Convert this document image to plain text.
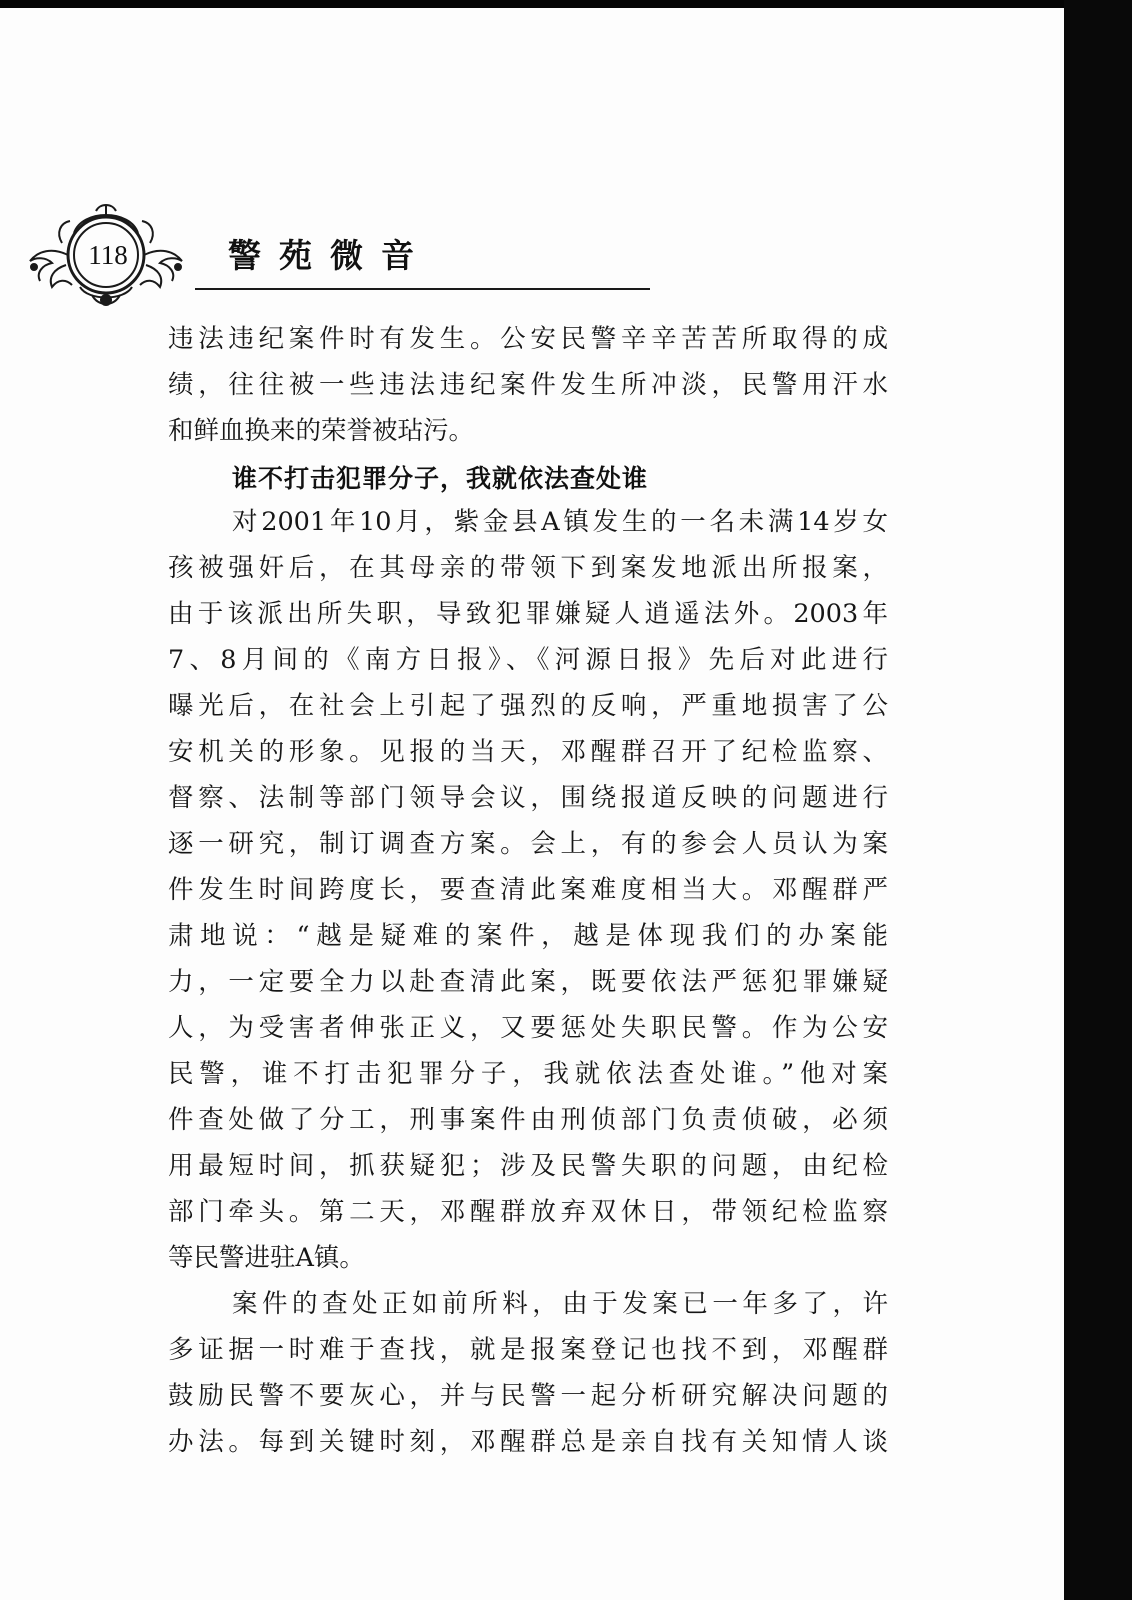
118	警苑微音
违法违纪案件时有发生。公安民警辛辛苦苦所取得的成
绩，往往被一些违法违纪案件发生所冲淡，民警用汗水
和鲜血换来的荣誉被玷污。
谁不打击犯罪分子，我就依法查处谁
对2001年10月，紫金县A镇发生的一名未满14岁女
孩被强奸后，在其母亲的带领下到案发地派出所报案，
由于该派出所失职，导致犯罪嫌疑人逍遥法外。2003年
7、8月间的《南方日报》、《河源日报》先后对此进行
曝光后，在社会上引起了强烈的反响，严重地损害了公
安机关的形象。见报的当天，邓醒群召开了纪检监察、
督察、法制等部门领导会议，围绕报道反映的问题进行
逐一研究，制订调查方案。会上，有的参会人员认为案
件发生时间跨度长，要查清此案难度相当大。邓醒群严
肃地说：“越是疑难的案件，越是体现我们的办案能
力，一定要全力以赴查清此案，既要依法严惩犯罪嫌疑
人，为受害者伸张正义，又要惩处失职民警。作为公安
民警，谁不打击犯罪分子，我就依法查处谁。”他对案
件查处做了分工，刑事案件由刑侦部门负责侦破，必须
用最短时间，抓获疑犯；涉及民警失职的问题，由纪检
部门牵头。第二天，邓醒群放弃双休日，带领纪检监察
等民警进驻A镇。
案件的查处正如前所料，由于发案已一年多了，许
多证据一时难于查找，就是报案登记也找不到，邓醒群
鼓励民警不要灰心，并与民警一起分析研究解决问题的
办法。每到关键时刻，邓醒群总是亲自找有关知情人谈
